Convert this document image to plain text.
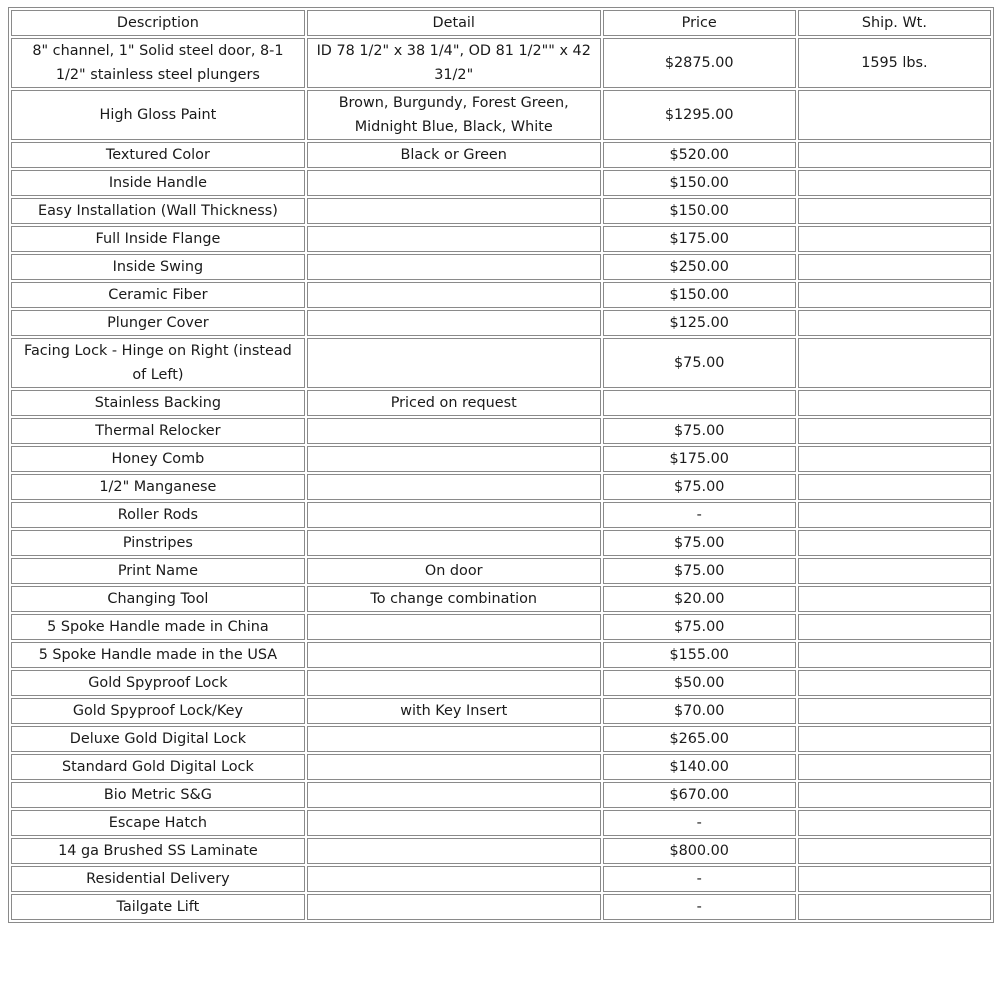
Description	Detail	Price	Ship. Wt.
8" channel, 1" Solid steel door, 8-1 1/2" stainless steel plungers	ID 78 1/2" x 38 1/4", OD 81 1/2"" x 42 31/2"	$2875.00	1595 lbs.
High Gloss Paint	Brown, Burgundy, Forest Green, Midnight Blue, Black, White	$1295.00	
Textured Color	Black or Green	$520.00	
Inside Handle		$150.00	
Easy Installation (Wall Thickness)		$150.00	
Full Inside Flange		$175.00	
Inside Swing		$250.00	
Ceramic Fiber		$150.00	
Plunger Cover		$125.00	
Facing Lock - Hinge on Right (instead of Left)		$75.00	
Stainless Backing	Priced on request		
Thermal Relocker		$75.00	
Honey Comb		$175.00	
1/2" Manganese		$75.00	
Roller Rods		-	
Pinstripes		$75.00	
Print Name	On door	$75.00	
Changing Tool	To change combination	$20.00	
5 Spoke Handle made in China		$75.00	
5 Spoke Handle made in the USA		$155.00	
Gold Spyproof Lock		$50.00	
Gold Spyproof Lock/Key	with Key Insert	$70.00	
Deluxe Gold Digital Lock		$265.00	
Standard Gold Digital Lock		$140.00	
Bio Metric S&G		$670.00	
Escape Hatch		-	
14 ga Brushed SS Laminate		$800.00	
Residential Delivery		-	
Tailgate Lift		-	
